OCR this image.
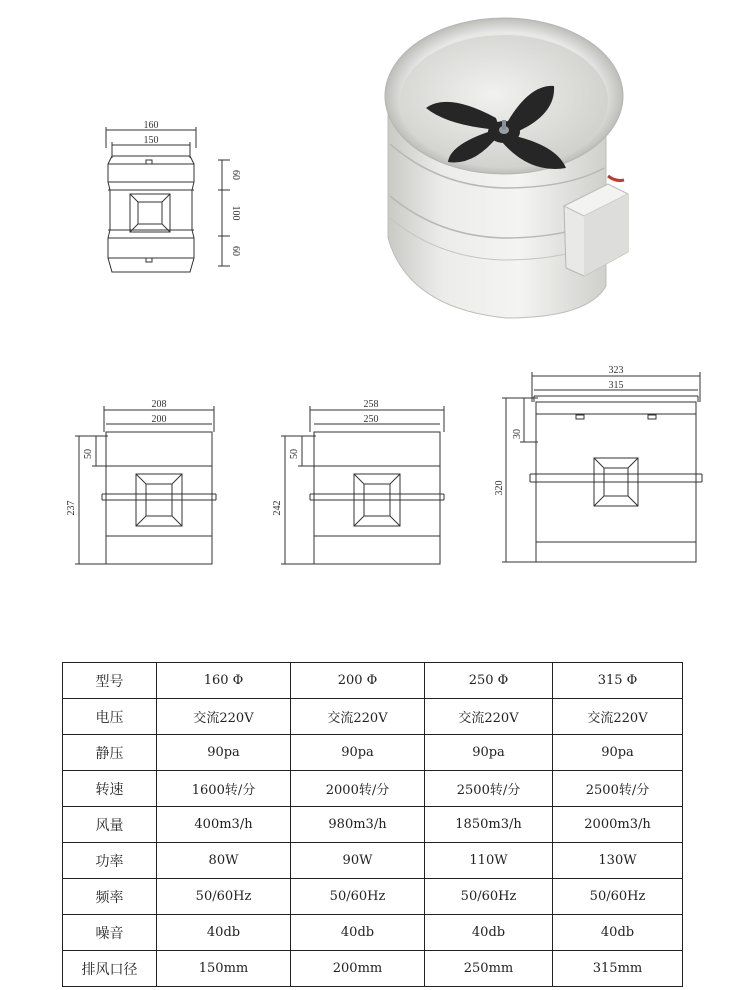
160
150
60
100
60
208
200
50
237
258
250
50
242
323
315
30
320
型号	160 Φ	200 Φ	250 Φ	315 Φ
电压	交流220V	交流220V	交流220V	交流220V
静压	90pa	90pa	90pa	90pa
转速	1600转/分	2000转/分	2500转/分	2500转/分
风量	400m3/h	980m3/h	1850m3/h	2000m3/h
功率	80W	90W	110W	130W
频率	50/60Hz	50/60Hz	50/60Hz	50/60Hz
噪音	40db	40db	40db	40db
排风口径	150mm	200mm	250mm	315mm
